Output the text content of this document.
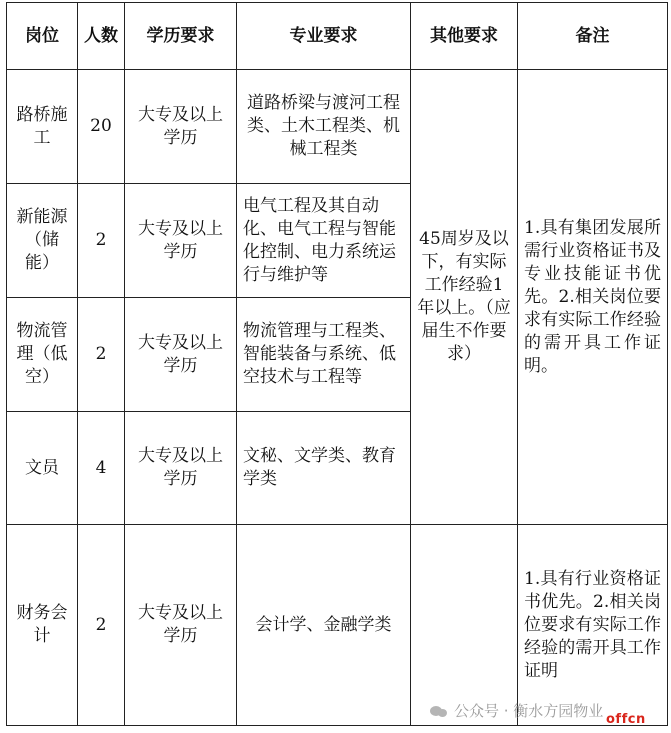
岗位	人数	学历要求	专业要求	其他要求	备注
路桥施工	20	大专及以上学历	道路桥梁与渡河工程类、土木工程类、机械工程类	45周岁及以下，有实际工作经验1年以上。（应届生不作要求）	1.具有集团发展所需行业资格证书及专业技能证书优先。2.相关岗位要求有实际工作经验的需开具工作证明。
新能源（储能）	2	大专及以上学历	电气工程及其自动化、电气工程与智能化控制、电力系统运行与维护等		
物流管理（低空）	2	大专及以上学历	物流管理与工程类、智能装备与系统、低空技术与工程等		
文员	4	大专及以上学历	文秘、文学类、教育学类		
财务会计	2	大专及以上学历	会计学、金融学类		1.具有行业资格证书优先。2.相关岗位要求有实际工作经验的需开具工作证明
公众号 · 衡水方园物业 offcn
